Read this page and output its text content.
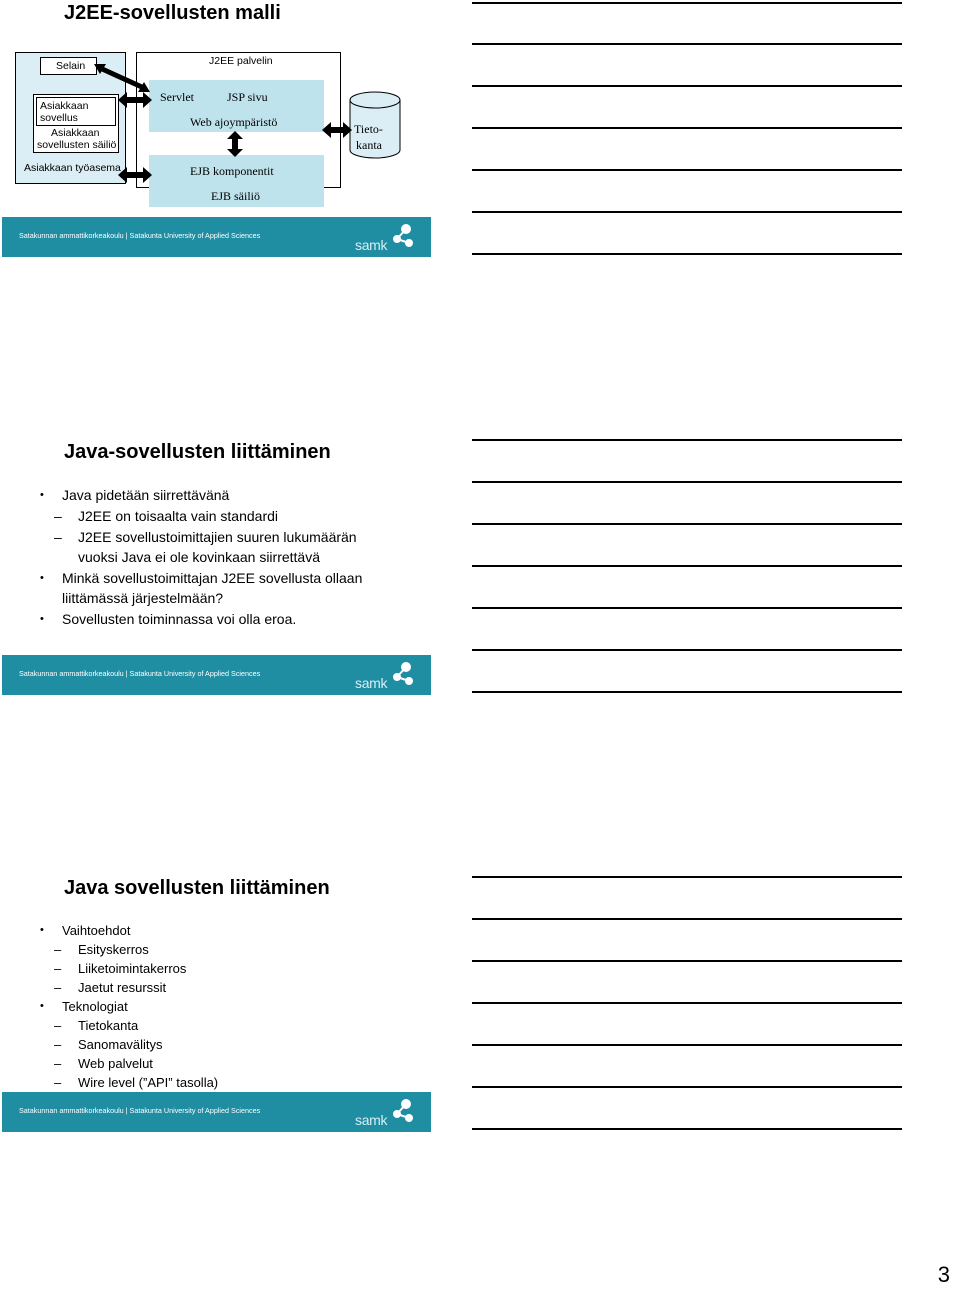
J2EE-sovellusten malli
Selain
Asiakkaan
sovellus
Asiakkaan
sovellusten säiliö
Asiakkaan työasema
J2EE palvelin
Servlet	JSP sivu
Web ajoympäristö
EJB komponentit
EJB säiliö
Tieto-
kanta
Satakunnan ammattikorkeakoulu | Satakunta University of Applied Sciences
samk
Java-sovellusten liittäminen
• Java pidetään siirrettävänä
– J2EE on toisaalta vain standardi
– J2EE sovellustoimittajien suuren lukumäärän vuoksi Java ei ole kovinkaan siirrettävä
• Minkä sovellustoimittajan J2EE sovellusta ollaan liittämässä järjestelmään?
• Sovellusten toiminnassa voi olla eroa.
Satakunnan ammattikorkeakoulu | Satakunta University of Applied Sciences
samk
Java sovellusten liittäminen
• Vaihtoehdot
– Esityskerros
– Liiketoimintakerros
– Jaetut resurssit
• Teknologiat
– Tietokanta
– Sanomavälitys
– Web palvelut
– Wire level (”API” tasolla)
Satakunnan ammattikorkeakoulu | Satakunta University of Applied Sciences
samk
3
